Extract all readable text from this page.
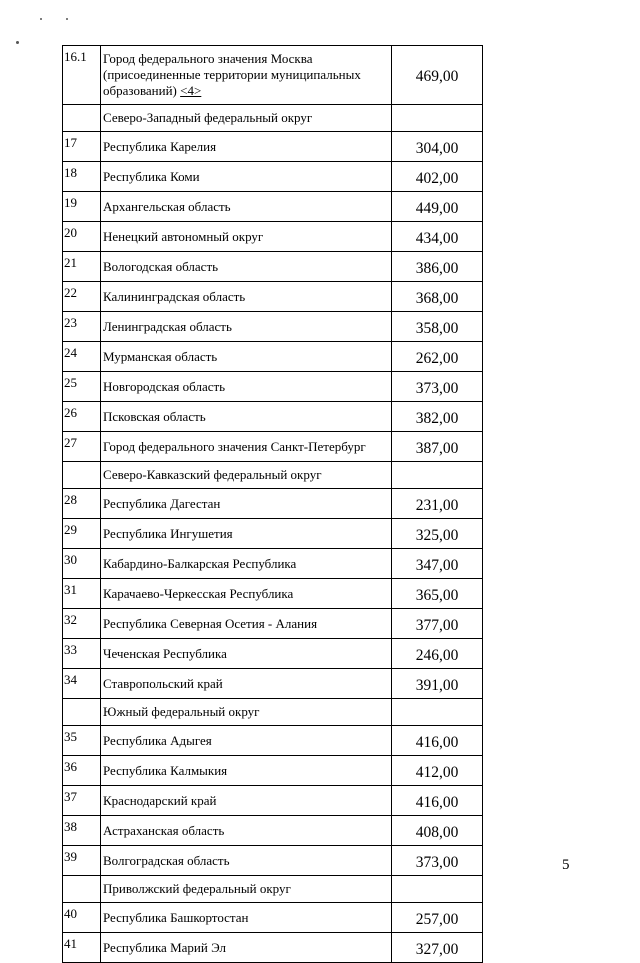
16.1	Город федерального значения Москва (присоединенные территории муниципальных образований) <4>	469,00
	Северо-Западный федеральный округ	
17	Республика Карелия	304,00
18	Республика Коми	402,00
19	Архангельская область	449,00
20	Ненецкий автономный округ	434,00
21	Вологодская область	386,00
22	Калининградская область	368,00
23	Ленинградская область	358,00
24	Мурманская область	262,00
25	Новгородская область	373,00
26	Псковская область	382,00
27	Город федерального значения Санкт-Петербург	387,00
	Северо-Кавказский федеральный округ	
28	Республика Дагестан	231,00
29	Республика Ингушетия	325,00
30	Кабардино-Балкарская Республика	347,00
31	Карачаево-Черкесская Республика	365,00
32	Республика Северная Осетия - Алания	377,00
33	Чеченская Республика	246,00
34	Ставропольский край	391,00
	Южный федеральный округ	
35	Республика Адыгея	416,00
36	Республика Калмыкия	412,00
37	Краснодарский край	416,00
38	Астраханская область	408,00
39	Волгоградская область	373,00
	Приволжский федеральный округ	
40	Республика Башкортостан	257,00
41	Республика Марий Эл	327,00
5
